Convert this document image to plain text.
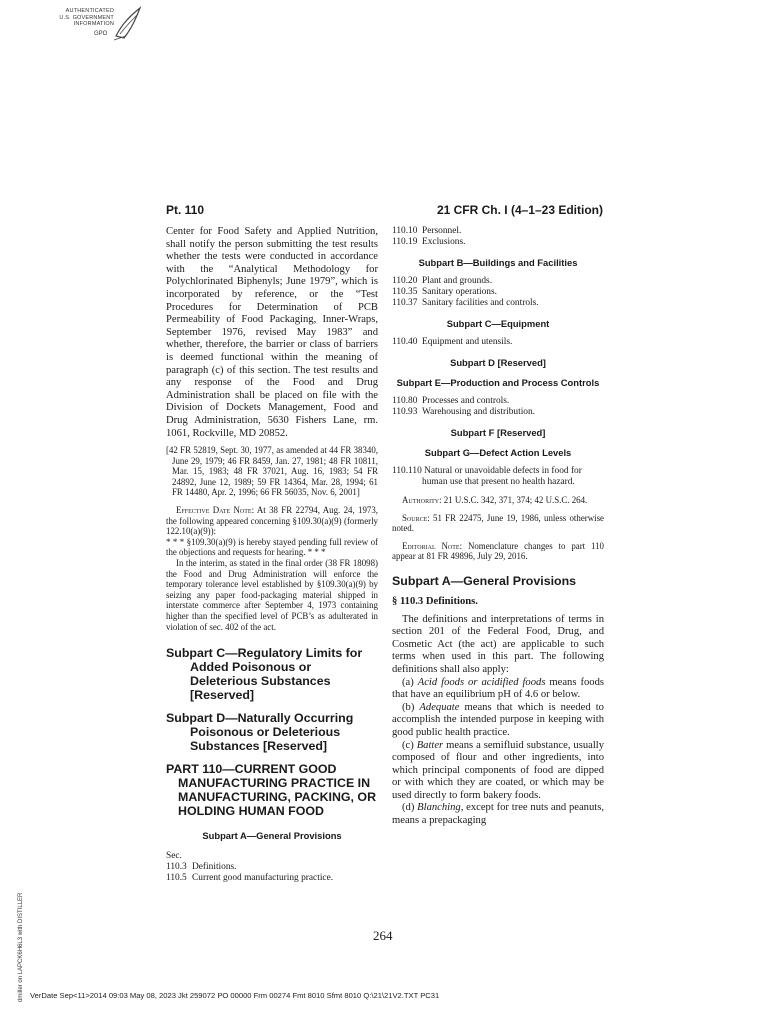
AUTHENTICATED
U.S. GOVERNMENT
INFORMATION
GPO
Pt. 110	21 CFR Ch. I (4–1–23 Edition)

Center for Food Safety and Applied Nutrition, shall notify the person submitting the test results whether the tests were conducted in accordance with the “Analytical Methodology for Polychlorinated Biphenyls; June 1979”, which is incorporated by reference, or the “Test Procedures for Determination of PCB Permeability of Food Packaging, Inner-Wraps, September 1976, revised May 1983” and whether, therefore, the barrier or class of barriers is deemed functional within the meaning of paragraph (c) of this section. The test results and any response of the Food and Drug Administration shall be placed on file with the Division of Dockets Management, Food and Drug Administration, 5630 Fishers Lane, rm. 1061, Rockville, MD 20852.

[42 FR 52819, Sept. 30, 1977, as amended at 44 FR 38340, June 29, 1979; 46 FR 8459, Jan. 27, 1981; 48 FR 10811, Mar. 15, 1983; 48 FR 37021, Aug. 16, 1983; 54 FR 24892, June 12, 1989; 59 FR 14364, Mar. 28, 1994; 61 FR 14480, Apr. 2, 1996; 66 FR 56035, Nov. 6, 2001]

Effective Date Note: At 38 FR 22794, Aug. 24, 1973, the following appeared concerning §109.30(a)(9) (formerly 122.10(a)(9)):

* * * §109.30(a)(9) is hereby stayed pending full review of the objections and requests for hearing. * * *

In the interim, as stated in the final order (38 FR 18098) the Food and Drug Administration will enforce the temporary tolerance level established by §109.30(a)(9) by seizing any paper food-packaging material shipped in interstate commerce after September 4, 1973 containing higher than the specified level of PCB’s as adulterated in violation of sec. 402 of the act.

Subpart C—Regulatory Limits for Added Poisonous or Deleterious Substances [Reserved]

Subpart D—Naturally Occurring Poisonous or Deleterious Substances [Reserved]

PART 110—CURRENT GOOD MANUFACTURING PRACTICE IN MANUFACTURING, PACKING, OR HOLDING HUMAN FOOD

Subpart A—General Provisions

Sec.

110.3 Definitions.
110.5 Current good manufacturing practice.
110.10 Personnel.
110.19 Exclusions.

Subpart B—Buildings and Facilities

110.20 Plant and grounds.
110.35 Sanitary operations.
110.37 Sanitary facilities and controls.

Subpart C—Equipment

110.40 Equipment and utensils.

Subpart D [Reserved]

Subpart E—Production and Process Controls

110.80 Processes and controls.
110.93 Warehousing and distribution.

Subpart F [Reserved]

Subpart G—Defect Action Levels

110.110 Natural or unavoidable defects in food for human use that present no health hazard.

Authority: 21 U.S.C. 342, 371, 374; 42 U.S.C. 264.

Source: 51 FR 22475, June 19, 1986, unless otherwise noted.

Editorial Note: Nomenclature changes to part 110 appear at 81 FR 49896, July 29, 2016.

Subpart A—General Provisions

§ 110.3 Definitions.

The definitions and interpretations of terms in section 201 of the Federal Food, Drug, and Cosmetic Act (the act) are applicable to such terms when used in this part. The following definitions shall also apply:

(a) Acid foods or acidified foods means foods that have an equilibrium pH of 4.6 or below.

(b) Adequate means that which is needed to accomplish the intended purpose in keeping with good public health practice.

(c) Batter means a semifluid substance, usually composed of flour and other ingredients, into which principal components of food are dipped or with which they are coated, or which may be used directly to form bakery foods.

(d) Blanching, except for tree nuts and peanuts, means a prepackaging

264
dmiller on LAPCK6H6L3 with DISTILLER VerDate Sep<11>2014 09:03 May 08, 2023 Jkt 259072 PO 00000 Frm 00274 Fmt 8010 Sfmt 8010 Q:\21\21V2.TXT PC31
